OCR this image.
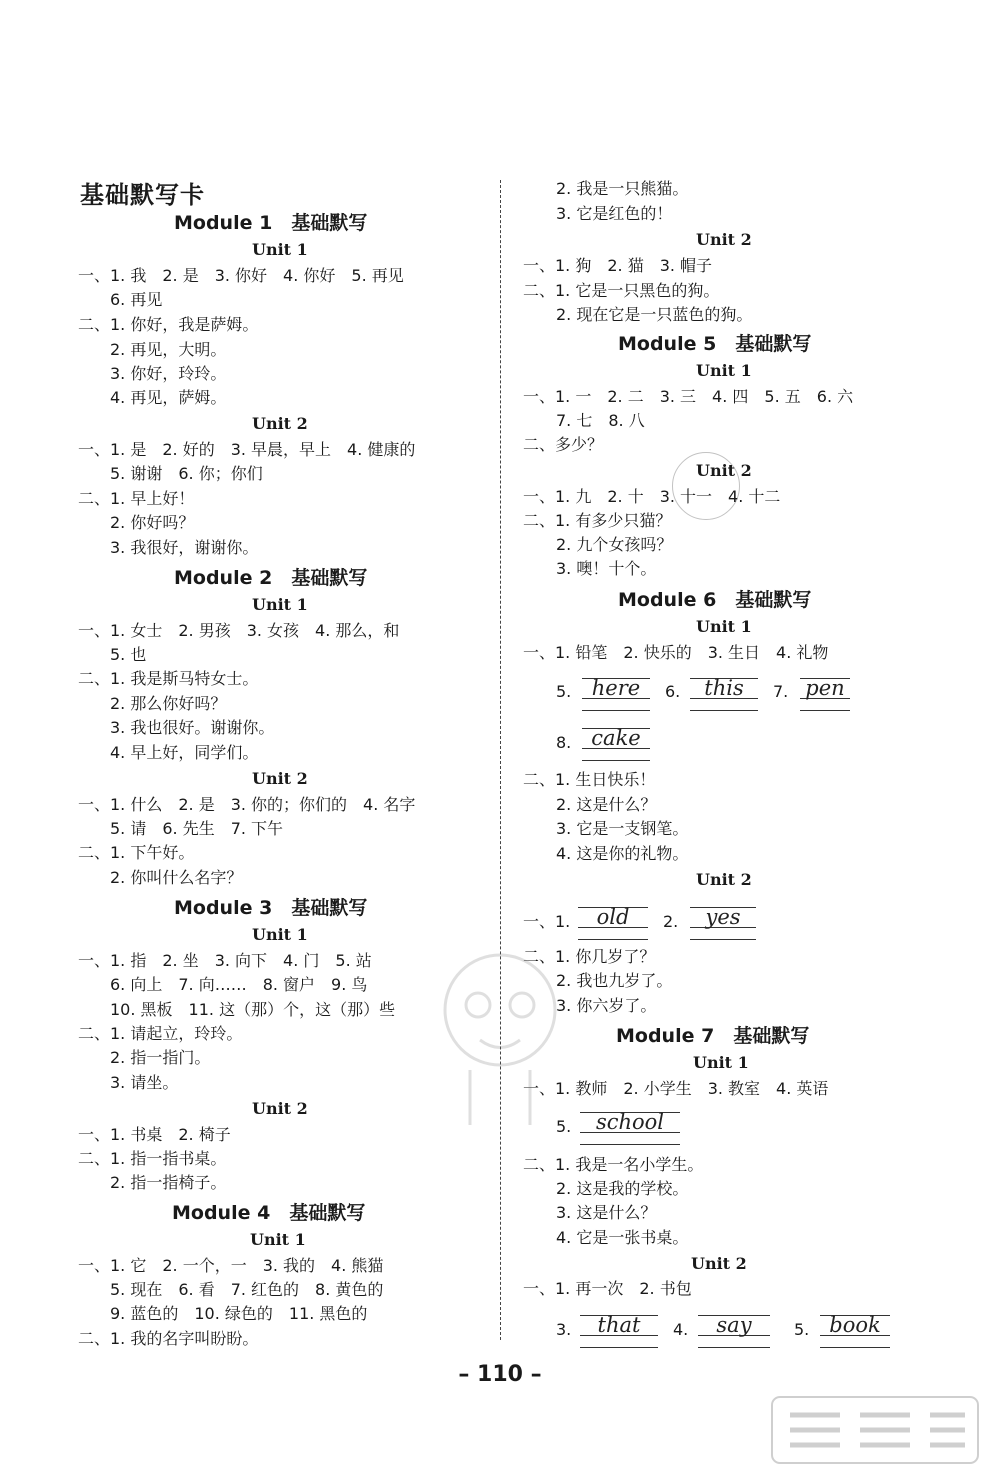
基础默写卡
Module 1　基础默写
Unit 1
一、1. 我　2. 是　3. 你好　4. 你好　5. 再见
6. 再见
二、1. 你好，我是萨姆。
2. 再见，大明。
3. 你好，玲玲。
4. 再见，萨姆。
Unit 2
一、1. 是　2. 好的　3. 早晨，早上　4. 健康的
5. 谢谢　6. 你；你们
二、1. 早上好！
2. 你好吗？
3. 我很好，谢谢你。
Module 2　基础默写
Unit 1
一、1. 女士　2. 男孩　3. 女孩　4. 那么，和
5. 也
二、1. 我是斯马特女士。
2. 那么你好吗？
3. 我也很好。谢谢你。
4. 早上好，同学们。
Unit 2
一、1. 什么　2. 是　3. 你的；你们的　4. 名字
5. 请　6. 先生　7. 下午
二、1. 下午好。
2. 你叫什么名字？
Module 3　基础默写
Unit 1
一、1. 指　2. 坐　3. 向下　4. 门　5. 站
6. 向上　7. 向……　8. 窗户　9. 鸟
10. 黑板　11. 这（那）个，这（那）些
二、1. 请起立，玲玲。
2. 指一指门。
3. 请坐。
Unit 2
一、1. 书桌　2. 椅子
二、1. 指一指书桌。
2. 指一指椅子。
Module 4　基础默写
Unit 1
一、1. 它　2. 一个，一　3. 我的　4. 熊猫
5. 现在　6. 看　7. 红色的　8. 黄色的
9. 蓝色的　10. 绿色的　11. 黑色的
二、1. 我的名字叫盼盼。
2. 我是一只熊猫。
3. 它是红色的！
Unit 2
一、1. 狗　2. 猫　3. 帽子
二、1. 它是一只黑色的狗。
2. 现在它是一只蓝色的狗。
Module 5　基础默写
Unit 1
一、1. 一　2. 二　3. 三　4. 四　5. 五　6. 六
7. 七　8. 八
二、多少？
Unit 2
一、1. 九　2. 十　3. 十一　4. 十二
二、1. 有多少只猫？
2. 九个女孩吗？
3. 噢！十个。
Module 6　基础默写
Unit 1
一、1. 铅笔　2. 快乐的　3. 生日　4. 礼物
5. here	6.	this	7. pen
8. cake
二、1. 生日快乐！
2. 这是什么？
3. 它是一支钢笔。
4. 这是你的礼物。
Unit 2
一、1.	old	2.	yes
二、1. 你几岁了？
2. 我也九岁了。
3. 你六岁了。
Module 7　基础默写
Unit 1
一、1. 教师　2. 小学生　3. 教室　4. 英语
5.	school
二、1. 我是一名小学生。
2. 这是我的学校。
3. 这是什么？
4. 它是一张书桌。
Unit 2
一、1. 再一次　2. 书包
3.	that	4.	say	5. book
– 110 –
